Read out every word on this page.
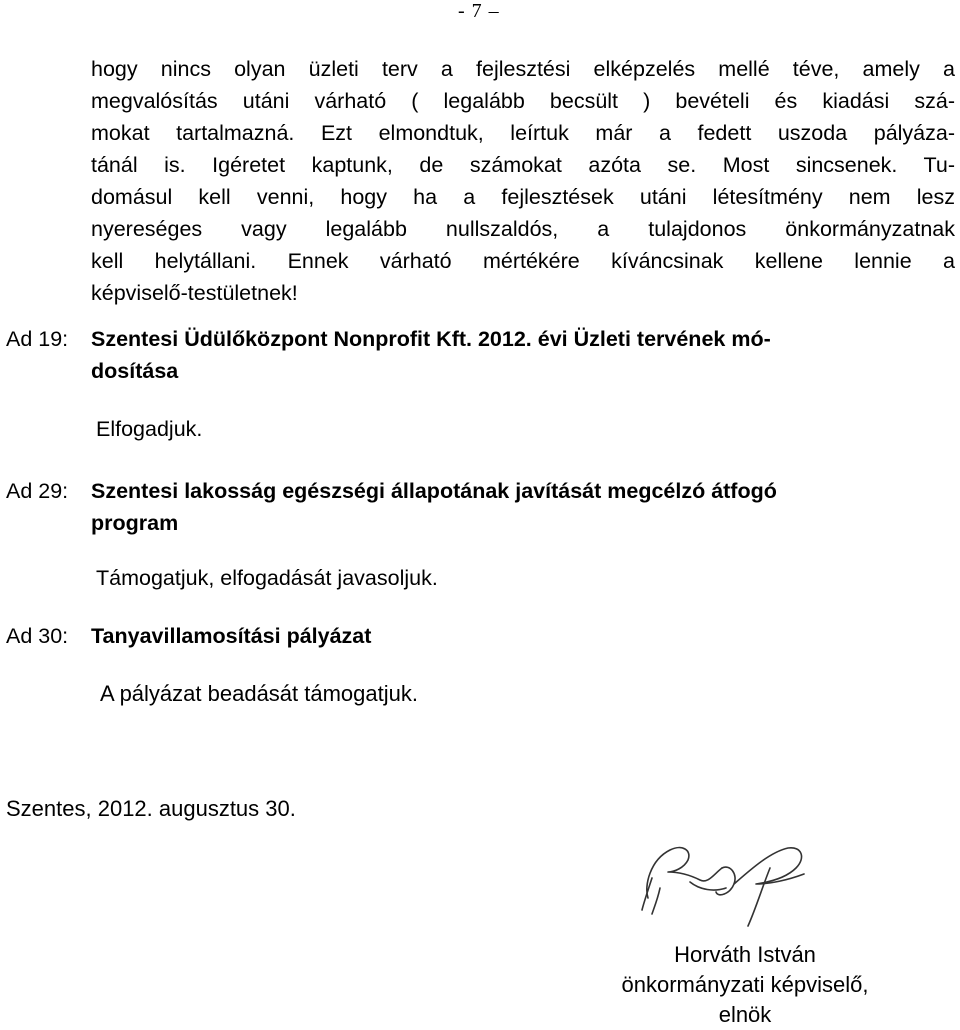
- 7 –
hogy nincs olyan üzleti terv a fejlesztési elképzelés mellé téve, amely a
megvalósítás utáni várható ( legalább becsült ) bevételi és kiadási szá-
mokat tartalmazná. Ezt elmondtuk, leírtuk már a fedett uszoda pályáza-
tánál is. Igéretet kaptunk, de számokat azóta se. Most sincsenek. Tu-
domásul kell venni, hogy ha a fejlesztések utáni létesítmény nem lesz
nyereséges vagy legalább nullszaldós, a tulajdonos önkormányzatnak
kell helytállani. Ennek várható mértékére kíváncsinak kellene lennie a
képviselő-testületnek!
Ad 19: Szentesi Üdülőközpont Nonprofit Kft. 2012. évi Üzleti tervének mó-
dosítása
Elfogadjuk.
Ad 29: Szentesi lakosság egészségi állapotának javítását megcélzó átfogó
program
Támogatjuk, elfogadását javasoljuk.
Ad 30: Tanyavillamosítási pályázat
A pályázat beadását támogatjuk.
Szentes, 2012. augusztus 30.
Horváth István
önkormányzati képviselő,
elnök
